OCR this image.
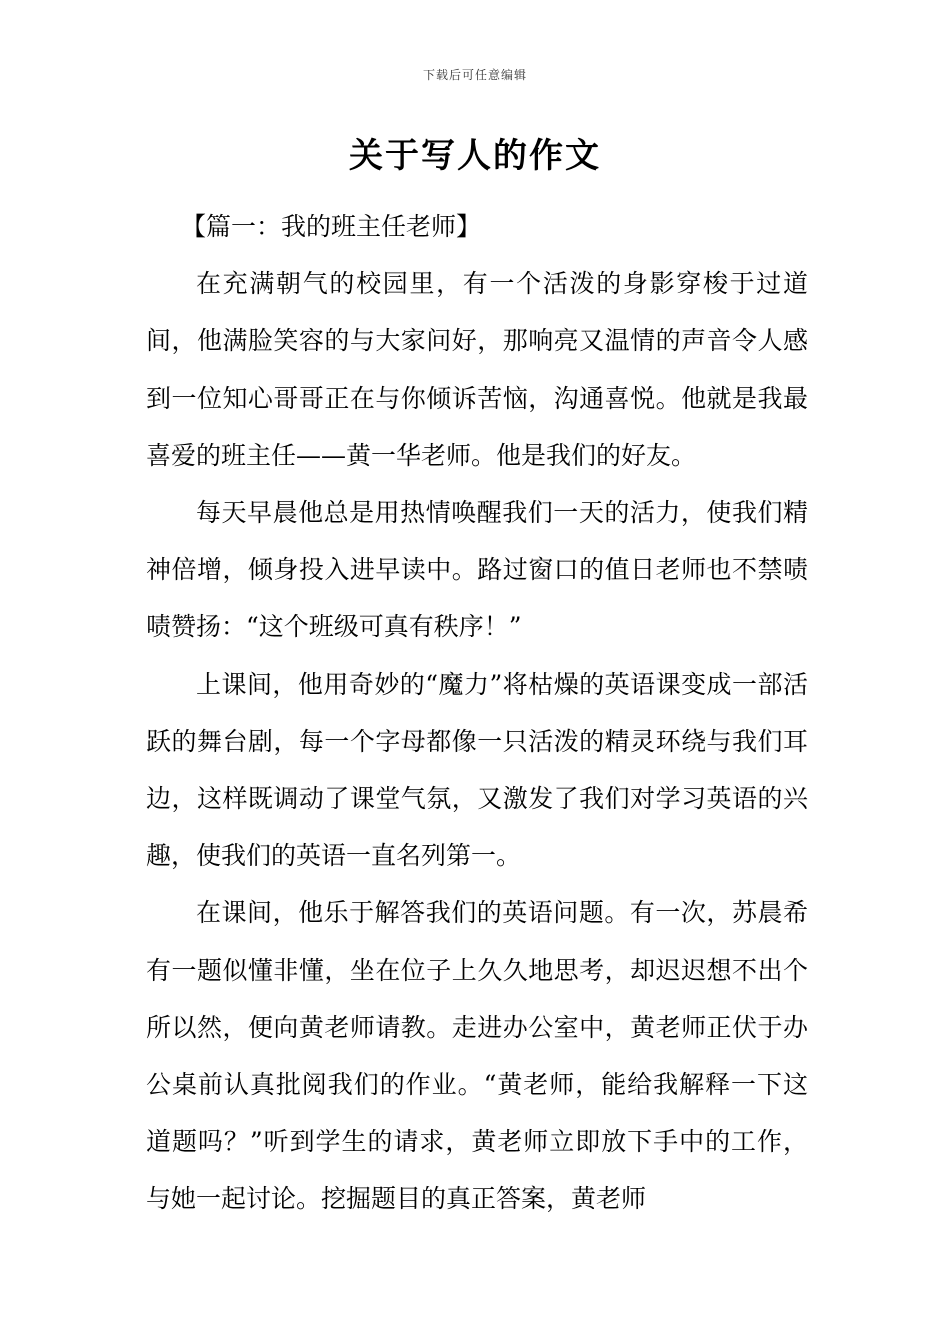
下载后可任意编辑
关于写人的作文

【篇一：我的班主任老师】

在充满朝气的校园里，有一个活泼的身影穿梭于过道间，他满脸笑容的与大家问好，那响亮又温情的声音令人感到一位知心哥哥正在与你倾诉苦恼，沟通喜悦。他就是我最喜爱的班主任——黄一华老师。他是我们的好友。

每天早晨他总是用热情唤醒我们一天的活力，使我们精神倍增，倾身投入进早读中。路过窗口的值日老师也不禁啧啧赞扬：“这个班级可真有秩序！”

上课间，他用奇妙的“魔力”将枯燥的英语课变成一部活跃的舞台剧，每一个字母都像一只活泼的精灵环绕与我们耳边，这样既调动了课堂气氛，又激发了我们对学习英语的兴趣，使我们的英语一直名列第一。

在课间，他乐于解答我们的英语问题。有一次，苏晨希有一题似懂非懂，坐在位子上久久地思考，却迟迟想不出个所以然，便向黄老师请教。走进办公室中，黄老师正伏于办公桌前认真批阅我们的作业。“黄老师，能给我解释一下这道题吗？”听到学生的请求，黄老师立即放下手中的工作，与她一起讨论。挖掘题目的真正答案，黄老师
